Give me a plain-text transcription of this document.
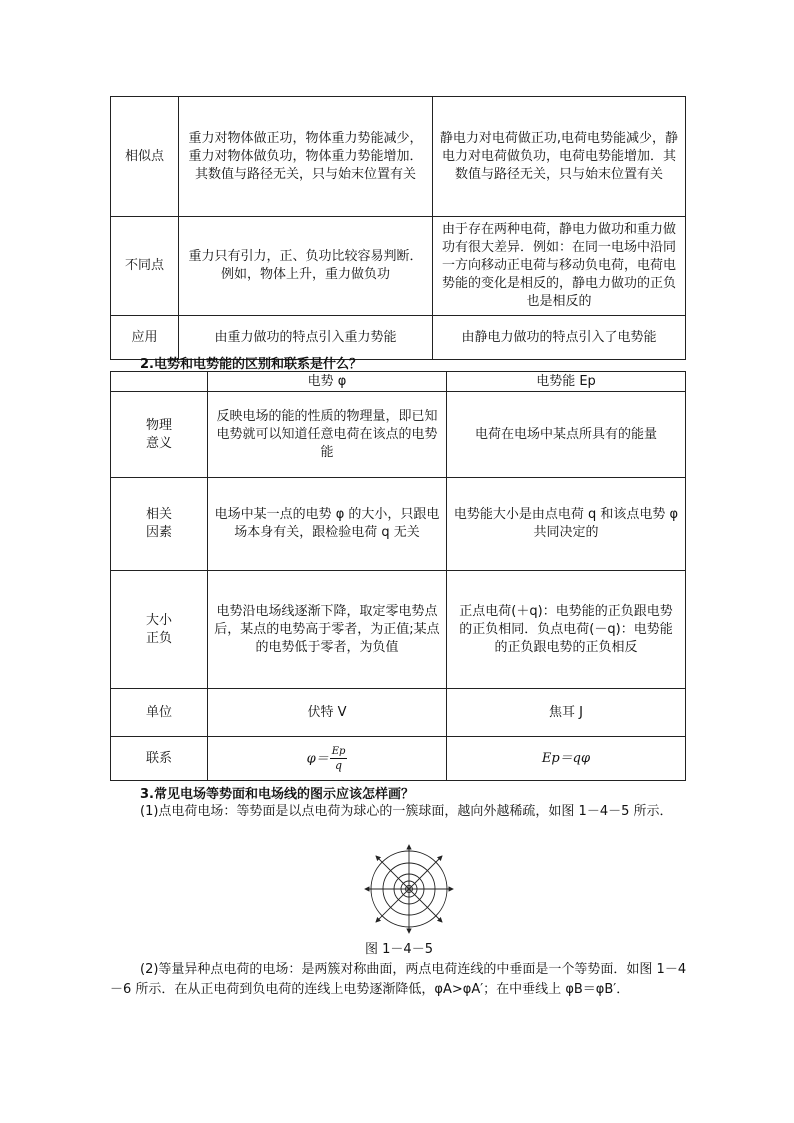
相似点	重力对物体做正功，物体重力势能减少，重力对物体做负功，物体重力势能增加．其数值与路径无关，只与始末位置有关	静电力对电荷做正功,电荷电势能减少，静电力对电荷做负功，电荷电势能增加．其数值与路径无关，只与始末位置有关
不同点	重力只有引力，正、负功比较容易判断．例如，物体上升，重力做负功	由于存在两种电荷，静电力做功和重力做功有很大差异．例如：在同一电场中沿同一方向移动正电荷与移动负电荷，电荷电势能的变化是相反的，静电力做功的正负也是相反的
应用	由重力做功的特点引入重力势能	由静电力做功的特点引入了电势能
2.电势和电势能的区别和联系是什么？
	电势 φ	电势能 Ep
物理意义	反映电场的能的性质的物理量，即已知电势就可以知道任意电荷在该点的电势能	电荷在电场中某点所具有的能量
相关因素	电场中某一点的电势 φ 的大小，只跟电场本身有关，跟检验电荷 q 无关	电势能大小是由点电荷 q 和该点电势 φ 共同决定的
大小正负	电势沿电场线逐渐下降，取定零电势点后，某点的电势高于零者，为正值;某点的电势低于零者，为负值	正点电荷(＋q)：电势能的正负跟电势的正负相同．负点电荷(－q)：电势能的正负跟电势的正负相反
单位	伏特 V	焦耳 J
联系	$\varphi= \frac{Ep}{q}$	Ep＝qφ
3.常见电场等势面和电场线的图示应该怎样画？
(1)点电荷电场：等势面是以点电荷为球心的一簇球面，越向外越稀疏，如图 1－4－5 所示．
图 1－4－5
(2)等量异种点电荷的电场：是两簇对称曲面，两点电荷连线的中垂面是一个等势面．如图 1－4－6 所示．在从正电荷到负电荷的连线上电势逐渐降低，φA>φA′；在中垂线上 φB＝φB′．
